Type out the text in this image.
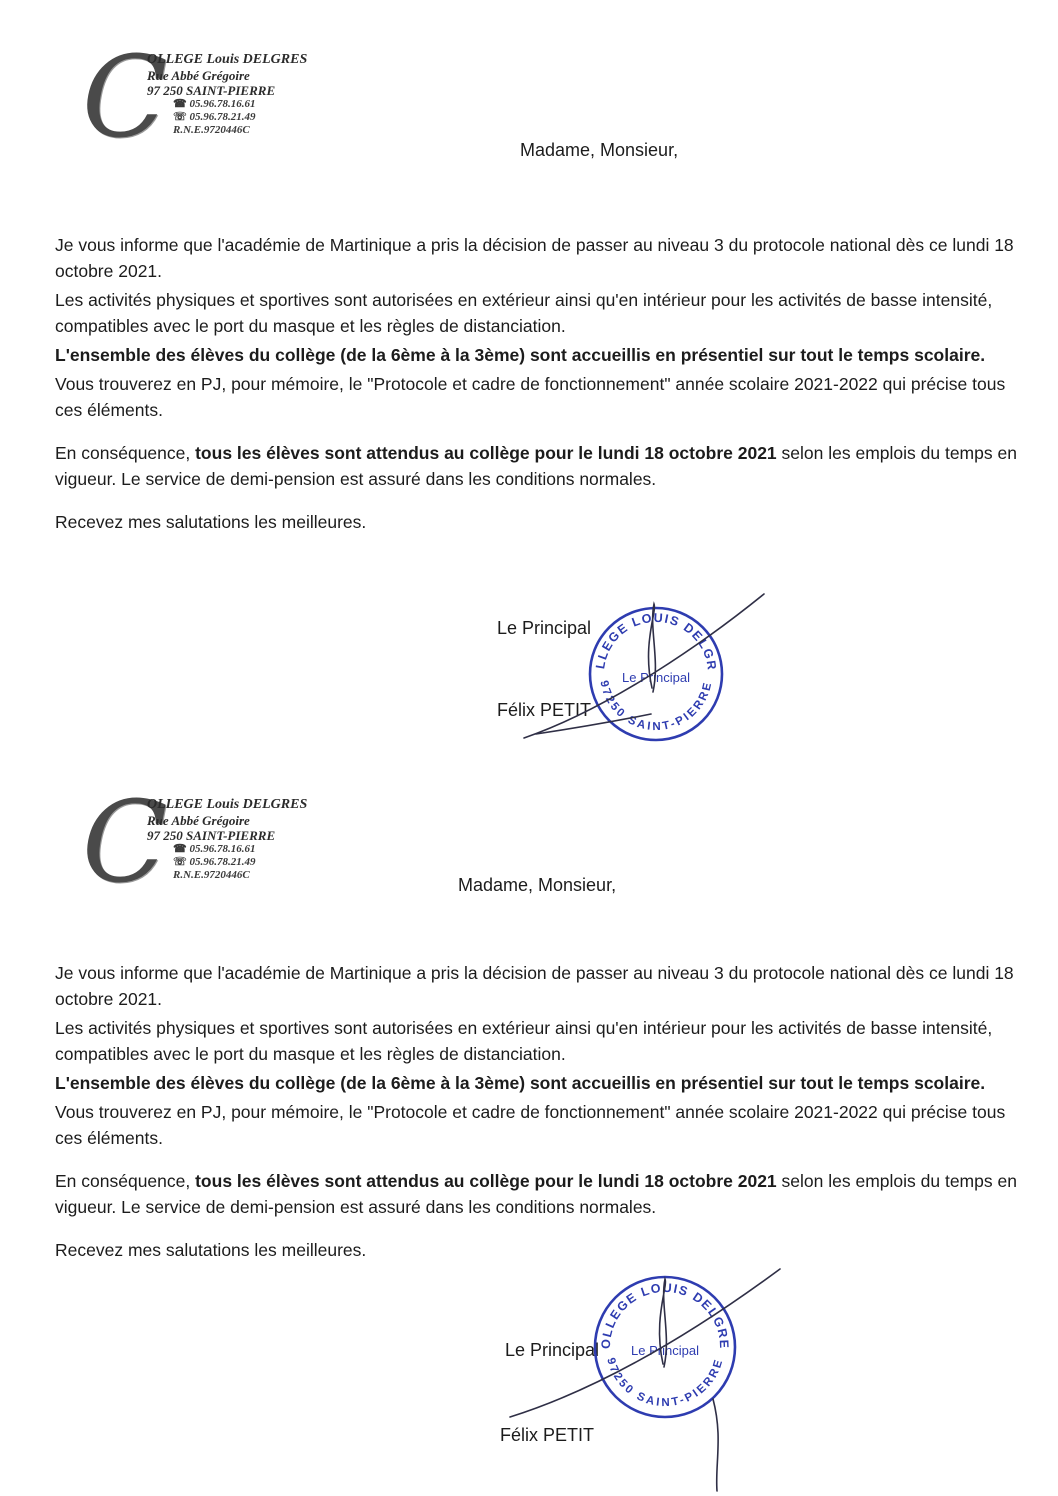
C
OLLEGE Louis DELGRES
Rue Abbé Grégoire
97 250 SAINT-PIERRE
☎ 05.96.78.16.61
☏ 05.96.78.21.49
R.N.E.9720446C
Madame, Monsieur,

Je vous informe que l'académie de Martinique a pris la décision de passer au niveau 3 du protocole national dès ce lundi 18 octobre 2021.

Les activités physiques et sportives sont autorisées en extérieur ainsi qu'en intérieur pour les activités de basse intensité, compatibles avec le port du masque et les règles de distanciation.

L'ensemble des élèves du collège (de la 6ème à la 3ème) sont accueillis en présentiel sur tout le temps scolaire.

Vous trouverez en PJ, pour mémoire, le "Protocole et cadre de fonctionnement" année scolaire 2021-2022 qui précise tous ces éléments.

En conséquence, tous les élèves sont attendus au collège pour le lundi 18 octobre 2021 selon les emplois du temps en vigueur. Le service de demi-pension est assuré dans les conditions normales.

Recevez mes salutations les meilleures.

Le Principal
Félix PETIT
COLLEGE LOUIS DELGRES
97250 SAINT-PIERRE
Le Principal
C
OLLEGE Louis DELGRES
Rue Abbé Grégoire
97 250 SAINT-PIERRE
☎ 05.96.78.16.61
☏ 05.96.78.21.49
R.N.E.9720446C	Madame, Monsieur,

Je vous informe que l'académie de Martinique a pris la décision de passer au niveau 3 du protocole national dès ce lundi 18 octobre 2021.

Les activités physiques et sportives sont autorisées en extérieur ainsi qu'en intérieur pour les activités de basse intensité, compatibles avec le port du masque et les règles de distanciation.

L'ensemble des élèves du collège (de la 6ème à la 3ème) sont accueillis en présentiel sur tout le temps scolaire.

Vous trouverez en PJ, pour mémoire, le "Protocole et cadre de fonctionnement" année scolaire 2021-2022 qui précise tous ces éléments.

En conséquence, tous les élèves sont attendus au collège pour le lundi 18 octobre 2021 selon les emplois du temps en vigueur. Le service de demi-pension est assuré dans les conditions normales.

Recevez mes salutations les meilleures.

Le Principal
Félix PETIT
COLLEGE LOUIS DELGRES
97250 SAINT-PIERRE
Le Principal
